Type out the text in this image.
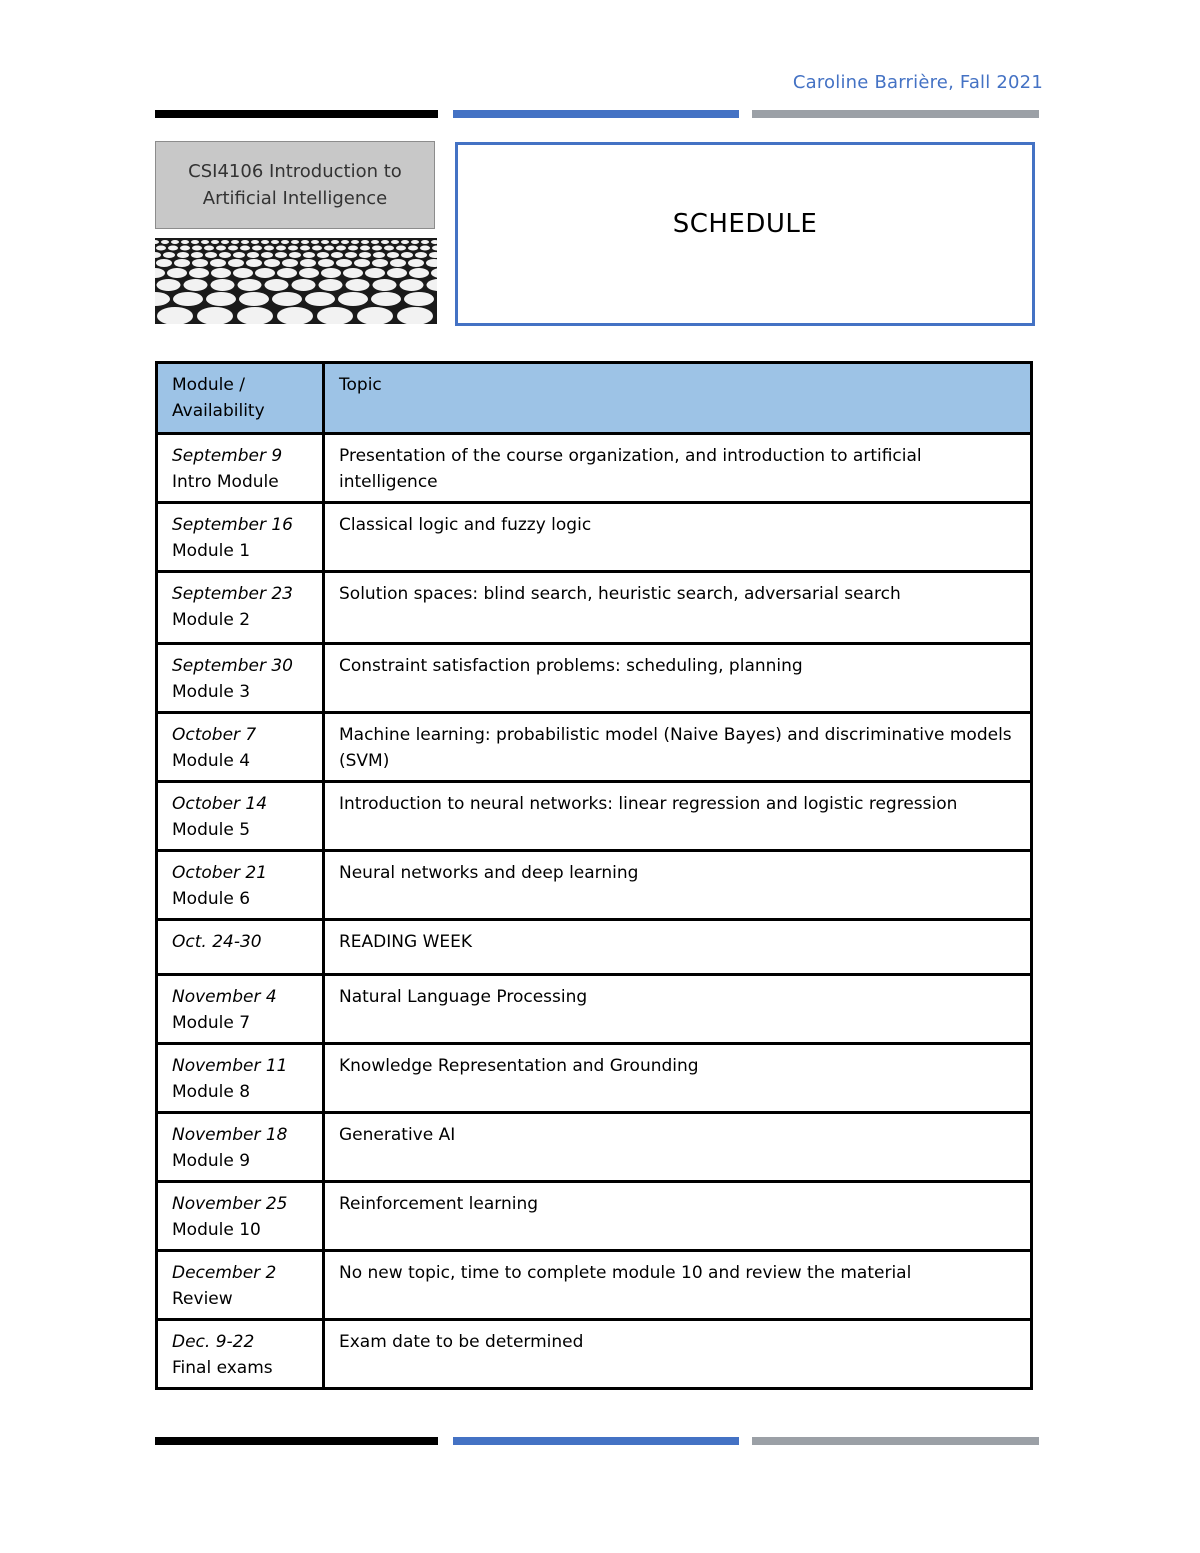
Caroline Barrière, Fall 2021
CSI4106 Introduction to Artificial Intelligence
SCHEDULE
Module / Availability	Topic

September 9
Intro Module	Presentation of the course organization, and introduction to artificial intelligence

September 16
Module 1	Classical logic and fuzzy logic

September 23
Module 2	Solution spaces: blind search, heuristic search, adversarial search

September 30
Module 3	Constraint satisfaction problems: scheduling, planning

October 7
Module 4	Machine learning: probabilistic model (Naive Bayes) and discriminative models (SVM)

October 14
Module 5	Introduction to neural networks: linear regression and logistic regression

October 21
Module 6	Neural networks and deep learning

Oct. 24-30	READING WEEK

November 4
Module 7	Natural Language Processing

November 11
Module 8	Knowledge Representation and Grounding

November 18
Module 9	Generative AI

November 25
Module 10	Reinforcement learning

December 2
Review	No new topic, time to complete module 10 and review the material

Dec. 9-22
Final exams	Exam date to be determined
